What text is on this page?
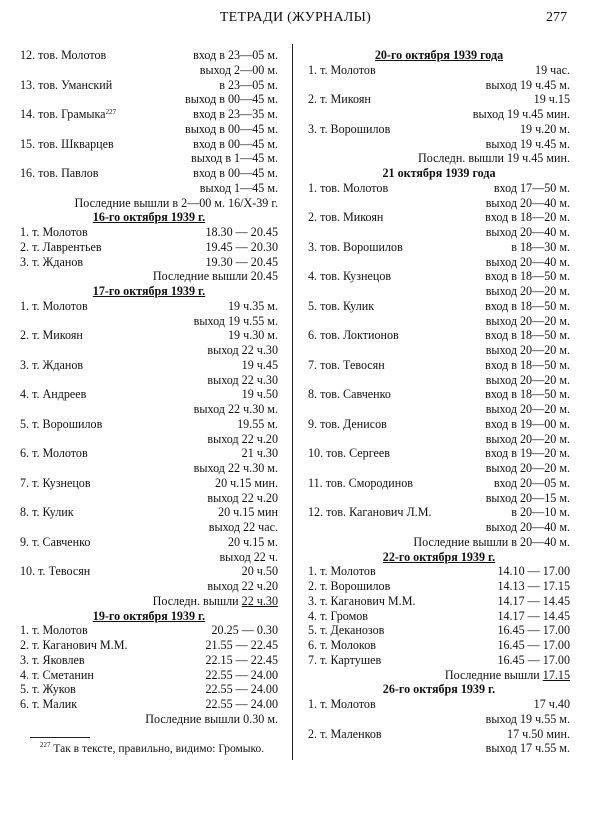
ТЕТРАДИ (ЖУРНАЛЫ)	277
12. тов. Молотов	вход в 23—05 м.
выход 2—00 м.
13. тов. Уманский	в 23—05 м.
выход в 00—45 м.
14. тов. Грамыка$^{227}$	вход в 23—35 м.
выход в 00—45 м.
15. тов. Шкварцев	вход в 00—45 м.
выход в 1—45 м.
16. тов. Павлов	вход в 00—45 м.
выход 1—45 м.
Последние вышли в 2—00 м. 16/Х-39 г.
16-го октября 1939 г.
1. т. Молотов	18.30 — 20.45
2. т. Лаврентьев	19.45 — 20.30
3. т. Жданов	19.30 — 20.45
Последние вышли 20.45
17-го октября 1939 г.
1. т. Молотов	19 ч.35 м.
выход 19 ч.55 м.
2. т. Микоян	19 ч.30 м.
выход 22 ч.30
3. т. Жданов	19 ч.45
выход 22 ч.30
4. т. Андреев	19 ч.50
выход 22 ч.30 м.
5. т. Ворошилов	19.55 м.
выход 22 ч.20
6. т. Молотов	21 ч.30
выход 22 ч.30 м.
7. т. Кузнецов	20 ч.15 мин.
выход 22 ч.20
8. т. Кулик	20 ч.15 мин
выход 22 час.
9. т. Савченко	20 ч.15 м.
выход 22 ч.
10. т. Тевосян	20 ч.50
выход 22 ч.20
Последн. вышли 22 ч.30
19-го октября 1939 г.
1. т. Молотов	20.25 — 0.30
2. т. Каганович М.М.	21.55 — 22.45
3. т. Яковлев	22.15 — 22.45
4. т. Сметанин	22.55 — 24.00
5. т. Жуков	22.55 — 24.00
6. т. Малик	22.55 — 24.00
Последние вышли 0.30 м.
20-го октября 1939 года
1. т. Молотов	19 час.
выход 19 ч.45 м.
2. т. Микоян	19 ч.15
выход 19 ч.45 мин.
3. т. Ворошилов	19 ч.20 м.
выход 19 ч.45 м.
Последн. вышли 19 ч.45 мин.
21 октября 1939 года
1. тов. Молотов	вход 17—50 м.
выход 20—40 м.
2. тов. Микоян	вход в 18—20 м.
выход 20—40 м.
3. тов. Ворошилов	в 18—30 м.
выход 20—40 м.
4. тов. Кузнецов	вход в 18—50 м.
выход 20—20 м.
5. тов. Кулик	вход в 18—50 м.
выход 20—20 м.
6. тов. Локтионов	вход в 18—50 м.
выход 20—20 м.
7. тов. Тевосян	вход в 18—50 м.
выход 20—20 м.
8. тов. Савченко	вход в 18—50 м.
выход 20—20 м.
9. тов. Денисов	вход в 19—00 м.
выход 20—20 м.
10. тов. Сергеев	вход в 19—20 м.
выход 20—20 м.
11. тов. Смородинов	вход 20—05 м.
выход 20—15 м.
12. тов. Каганович Л.М.	в 20—10 м.
выход 20—40 м.
Последние вышли в 20—40 м.
22-го октября 1939 г.
1. т. Молотов	14.10 — 17.00
2. т. Ворошилов	14.13 — 17.15
3. т. Каганович М.М.	14.17 — 14.45
4. т. Громов	14.17 — 14.45
5. т. Деканозов	16.45 — 17.00
6. т. Молоков	16.45 — 17.00
7. т. Картушев	16.45 — 17.00
Последние вышли 17.15
26-го октября 1939 г.
1. т. Молотов	17 ч.40
выход 19 ч.55 м.
2. т. Маленков	17 ч.50 мин.
выход 17 ч.55 м.
$^{227}$ Так в тексте, правильно, видимо: Громыко.
